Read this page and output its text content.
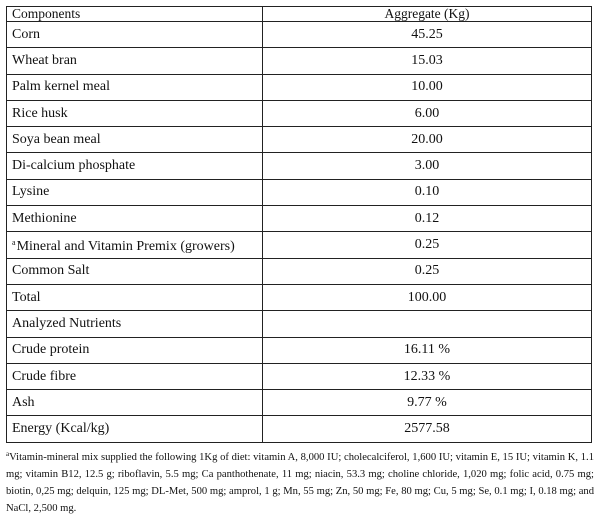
Components	Aggregate (Kg)
Corn	45.25
Wheat bran	15.03
Palm kernel meal	10.00
Rice husk	6.00
Soya bean meal	20.00
Di-calcium phosphate	3.00
Lysine	0.10
Methionine	0.12
$^a$Mineral and Vitamin Premix (growers)	0.25
Common Salt	0.25
Total	100.00
Analyzed Nutrients	
Crude protein	16.11 %
Crude fibre	12.33 %
Ash	9.77 %
Energy (Kcal/kg)	2577.58
$^a$Vitamin-mineral mix supplied the following 1Kg of diet: vitamin A, 8,000 IU; cholecalciferol, 1,600 IU; vitamin E, 15 IU; vitamin K, 1.1 mg; vitamin B12, 12.5 g; riboflavin, 5.5 mg; Ca panthothenate, 11 mg; niacin, 53.3 mg; choline chloride, 1,020 mg; folic acid, 0.75 mg; biotin, 0,25 mg; delquin, 125 mg; DL-Met, 500 mg; amprol, 1 g; Mn, 55 mg; Zn, 50 mg; Fe, 80 mg; Cu, 5 mg; Se, 0.1 mg; I, 0.18 mg; and NaCl, 2,500 mg.
